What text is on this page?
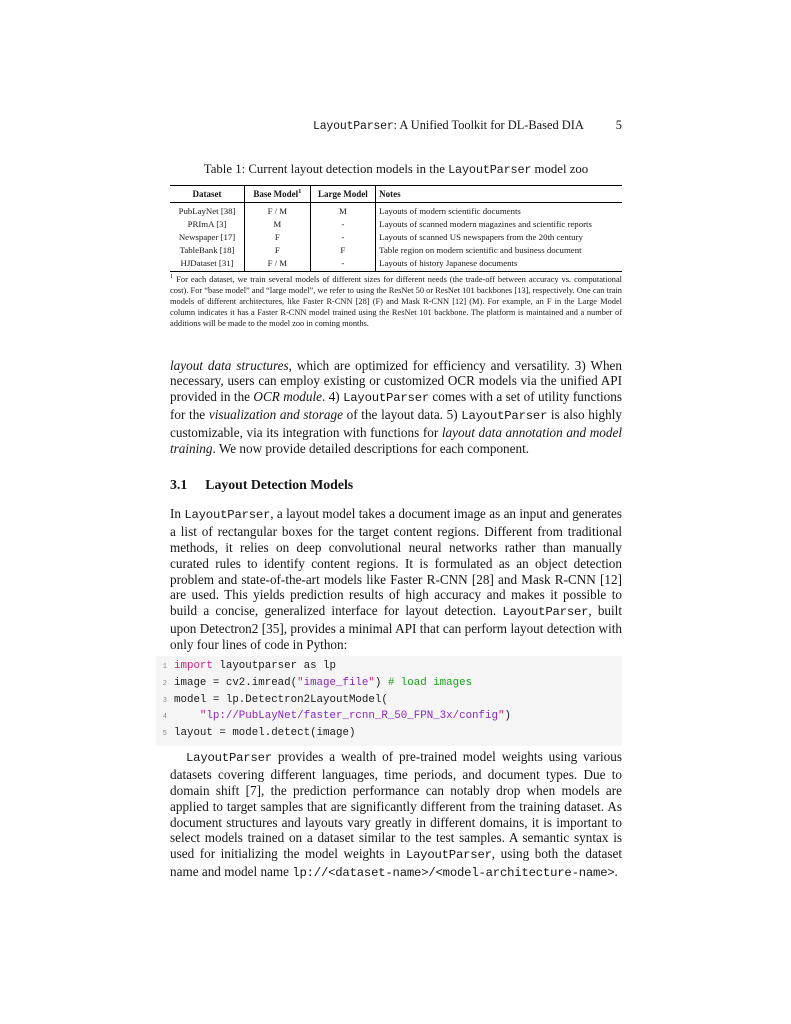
LayoutParser: A Unified Toolkit for DL-Based DIA	5
Table 1: Current layout detection models in the LayoutParser model zoo
Dataset	Base Model$^1$	Large Model	Notes
PubLayNet [38]	F / M	M	Layouts of modern scientific documents
PRImA [3]	M	-	Layouts of scanned modern magazines and scientific reports
Newspaper [17]	F	-	Layouts of scanned US newspapers from the 20th century
TableBank [18]	F	F	Table region on modern scientific and business document
HJDataset [31]	F / M	-	Layouts of history Japanese documents
$^1$ For each dataset, we train several models of different sizes for different needs (the trade-off between accuracy vs. computational cost). For “base model” and “large model”, we refer to using the ResNet 50 or ResNet 101 backbones [13], respectively. One can train models of different architectures, like Faster R-CNN [28] (F) and Mask R-CNN [12] (M). For example, an F in the Large Model column indicates it has a Faster R-CNN model trained using the ResNet 101 backbone. The platform is maintained and a number of additions will be made to the model zoo in coming months.

layout data structures, which are optimized for efficiency and versatility. 3) When necessary, users can employ existing or customized OCR models via the unified API provided in the OCR module. 4) LayoutParser comes with a set of utility functions for the visualization and storage of the layout data. 5) LayoutParser is also highly customizable, via its integration with functions for layout data annotation and model training. We now provide detailed descriptions for each component.

3.1 Layout Detection Models

In LayoutParser, a layout model takes a document image as an input and generates a list of rectangular boxes for the target content regions. Different from traditional methods, it relies on deep convolutional neural networks rather than manually curated rules to identify content regions. It is formulated as an object detection problem and state-of-the-art models like Faster R-CNN [28] and Mask R-CNN [12] are used. This yields prediction results of high accuracy and makes it possible to build a concise, generalized interface for layout detection. LayoutParser, built upon Detectron2 [35], provides a minimal API that can perform layout detection with only four lines of code in Python:

1 import layoutparser as lp
2 image = cv2.imread("image_file") # load images
3 model = lp.Detectron2LayoutModel(
4	"lp://PubLayNet/faster_rcnn_R_50_FPN_3x/config")
5 layout = model.detect(image)

LayoutParser provides a wealth of pre-trained model weights using various datasets covering different languages, time periods, and document types. Due to domain shift [7], the prediction performance can notably drop when models are applied to target samples that are significantly different from the training dataset. As document structures and layouts vary greatly in different domains, it is important to select models trained on a dataset similar to the test samples. A semantic syntax is used for initializing the model weights in LayoutParser, using both the dataset name and model name lp://<dataset-name>/<model-architecture-name>.
